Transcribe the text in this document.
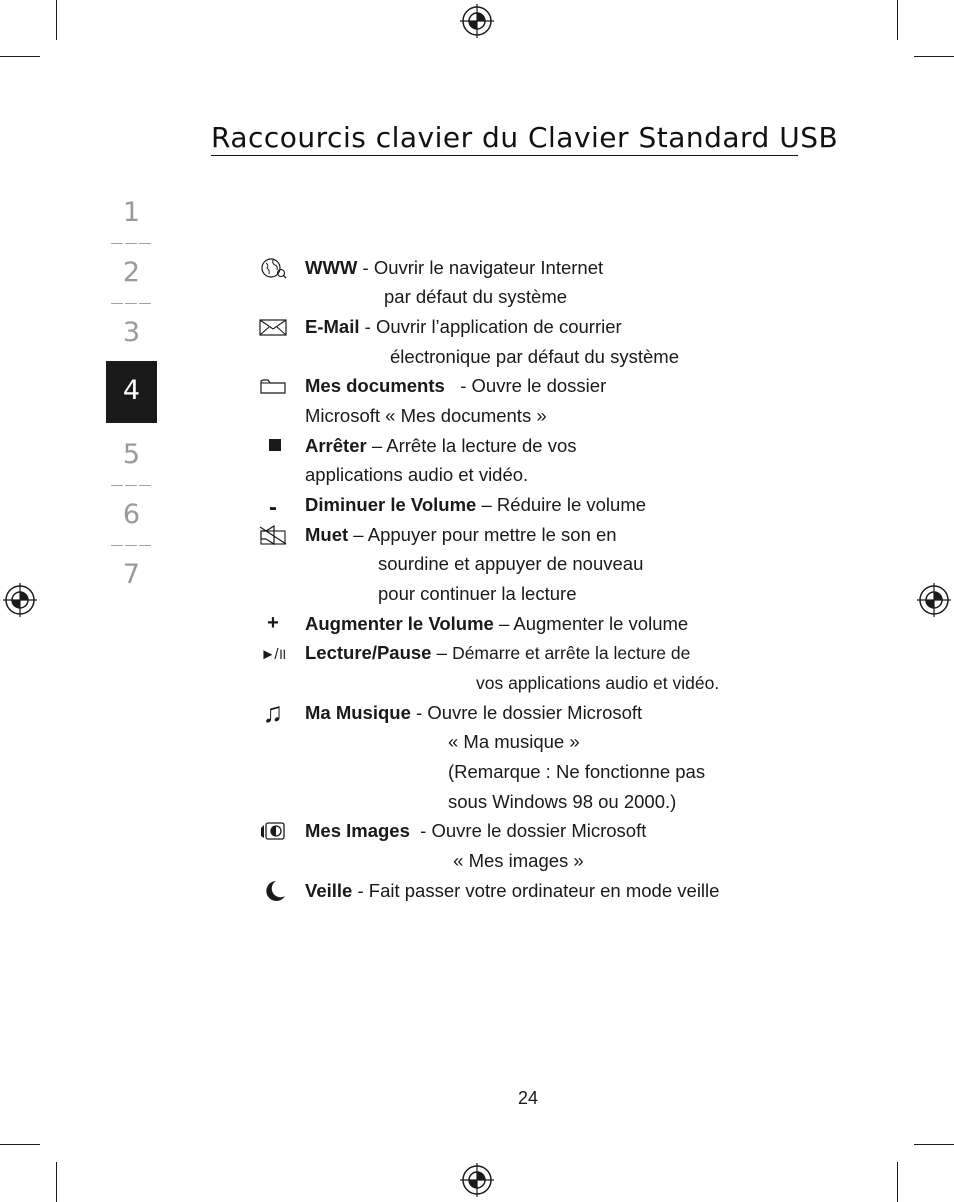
Raccourcis clavier du Clavier Standard USB
1
———
2
———
3
4
5
———
6
———
7
WWW - Ouvrir le navigateur Internet
par défaut du système
E-Mail - Ouvrir l’application de courrier
électronique par défaut du système
Mes documents   - Ouvre le dossier
Microsoft « Mes documents »
Arrêter – Arrête la lecture de vos
applications audio et vidéo.
-	Diminuer le Volume – Réduire le volume
Muet – Appuyer pour mettre le son en
sourdine et appuyer de nouveau
pour continuer la lecture
+	Augmenter le Volume – Augmenter le volume
►/॥ Lecture/Pause – Démarre et arrête la lecture de
vos applications audio et vidéo.
♫	Ma Musique - Ouvre le dossier Microsoft
« Ma musique »
(Remarque : Ne fonctionne pas
sous Windows 98 ou 2000.)
Mes Images  - Ouvre le dossier Microsoft
« Mes images »
Veille - Fait passer votre ordinateur en mode veille
24
